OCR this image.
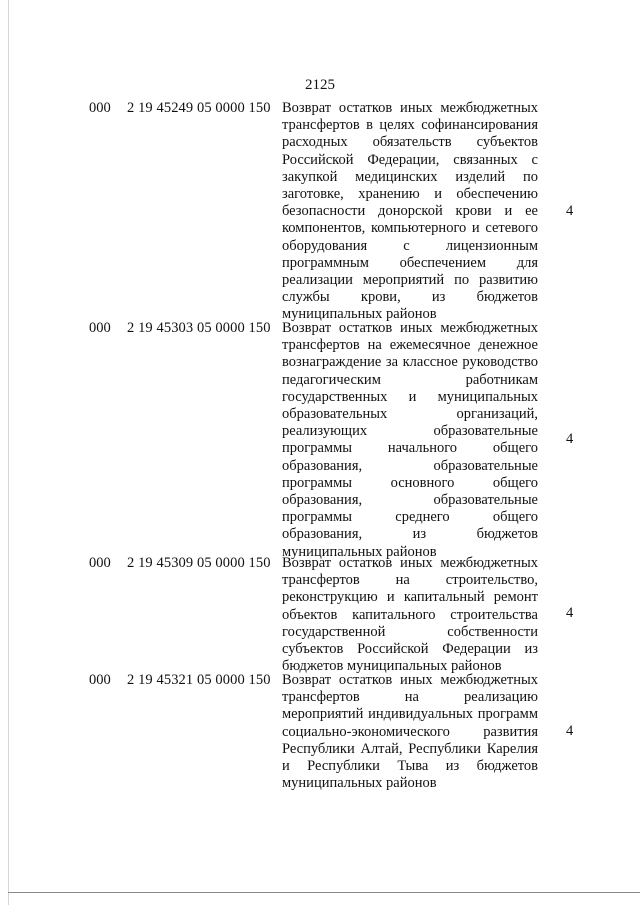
2125
000 2 19 45249 05 0000 150 Возврат остатков иных межбюджетных трансфертов в целях софинансирования расходных обязательств субъектов Российской Федерации, связанных с закупкой медицинских изделий по заготовке, хранению и обеспечению безопасности донорской крови и ее компонентов, компьютерного и сетевого оборудования с лицензионным программным обеспечением для реализации мероприятий по развитию службы крови, из бюджетов муниципальных районов
4
000 2 19 45303 05 0000 150 Возврат остатков иных межбюджетных трансфертов на ежемесячное денежное вознаграждение за классное руководство педагогическим работникам государственных и муниципальных образовательных организаций, реализующих образовательные программы начального общего образования, образовательные программы основного общего образования, образовательные программы среднего общего образования, из бюджетов муниципальных районов
4
000 2 19 45309 05 0000 150 Возврат остатков иных межбюджетных трансфертов на строительство, реконструкцию и капитальный ремонт объектов капитального строительства государственной собственности субъектов Российской Федерации из бюджетов муниципальных районов
4
000 2 19 45321 05 0000 150 Возврат остатков иных межбюджетных трансфертов на реализацию мероприятий индивидуальных программ социально-экономического развития Республики Алтай, Республики Карелия и Республики Тыва из бюджетов муниципальных районов
4
